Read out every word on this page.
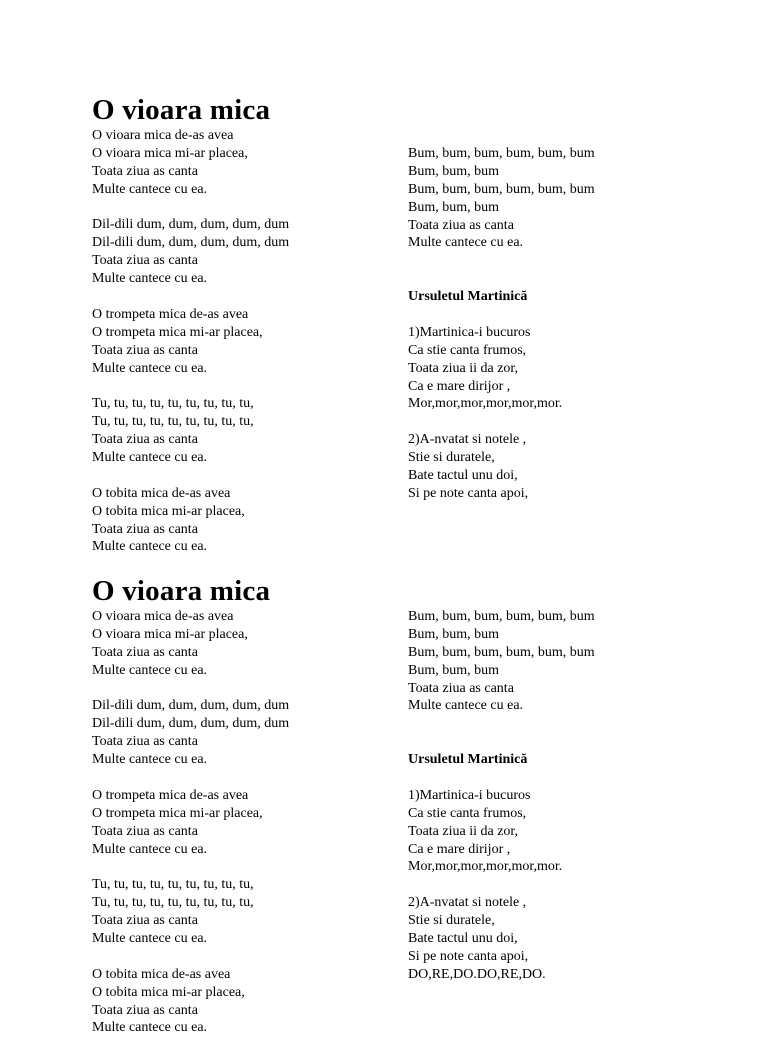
O vioara mica
O vioara mica de-as avea
O vioara mica mi-ar placea,
Toata ziua as canta
Multe cantece cu ea.

Dil-dili dum, dum, dum, dum, dum
Dil-dili dum, dum, dum, dum, dum
Toata ziua as canta
Multe cantece cu ea.

O trompeta mica de-as avea
O trompeta mica mi-ar placea,
Toata ziua as canta
Multe cantece cu ea.

Tu, tu, tu, tu, tu, tu, tu, tu, tu,
Tu, tu, tu, tu, tu, tu, tu, tu, tu,
Toata ziua as canta
Multe cantece cu ea.

O tobita mica de-as avea
O tobita mica mi-ar placea,
Toata ziua as canta
Multe cantece cu ea.
Bum, bum, bum, bum, bum, bum
Bum, bum, bum
Bum, bum, bum, bum, bum, bum
Bum, bum, bum
Toata ziua as canta
Multe cantece cu ea.

Ursuletul Martinică

1)Martinica-i bucuros
Ca stie canta frumos,
Toata ziua ii da zor,
Ca e mare dirijor ,
Mor,mor,mor,mor,mor,mor.

2)A-nvatat si notele ,
Stie si duratele,
Bate tactul unu doi,
Si pe note canta apoi,
O vioara mica
O vioara mica de-as avea
O vioara mica mi-ar placea,
Toata ziua as canta
Multe cantece cu ea.

Dil-dili dum, dum, dum, dum, dum
Dil-dili dum, dum, dum, dum, dum
Toata ziua as canta
Multe cantece cu ea.

O trompeta mica de-as avea
O trompeta mica mi-ar placea,
Toata ziua as canta
Multe cantece cu ea.

Tu, tu, tu, tu, tu, tu, tu, tu, tu,
Tu, tu, tu, tu, tu, tu, tu, tu, tu,
Toata ziua as canta
Multe cantece cu ea.

O tobita mica de-as avea
O tobita mica mi-ar placea,
Toata ziua as canta
Multe cantece cu ea.
Bum, bum, bum, bum, bum, bum
Bum, bum, bum
Bum, bum, bum, bum, bum, bum
Bum, bum, bum
Toata ziua as canta
Multe cantece cu ea.

Ursuletul Martinică

1)Martinica-i bucuros
Ca stie canta frumos,
Toata ziua ii da zor,
Ca e mare dirijor ,
Mor,mor,mor,mor,mor,mor.

2)A-nvatat si notele ,
Stie si duratele,
Bate tactul unu doi,
Si pe note canta apoi,
DO,RE,DO.DO,RE,DO.
